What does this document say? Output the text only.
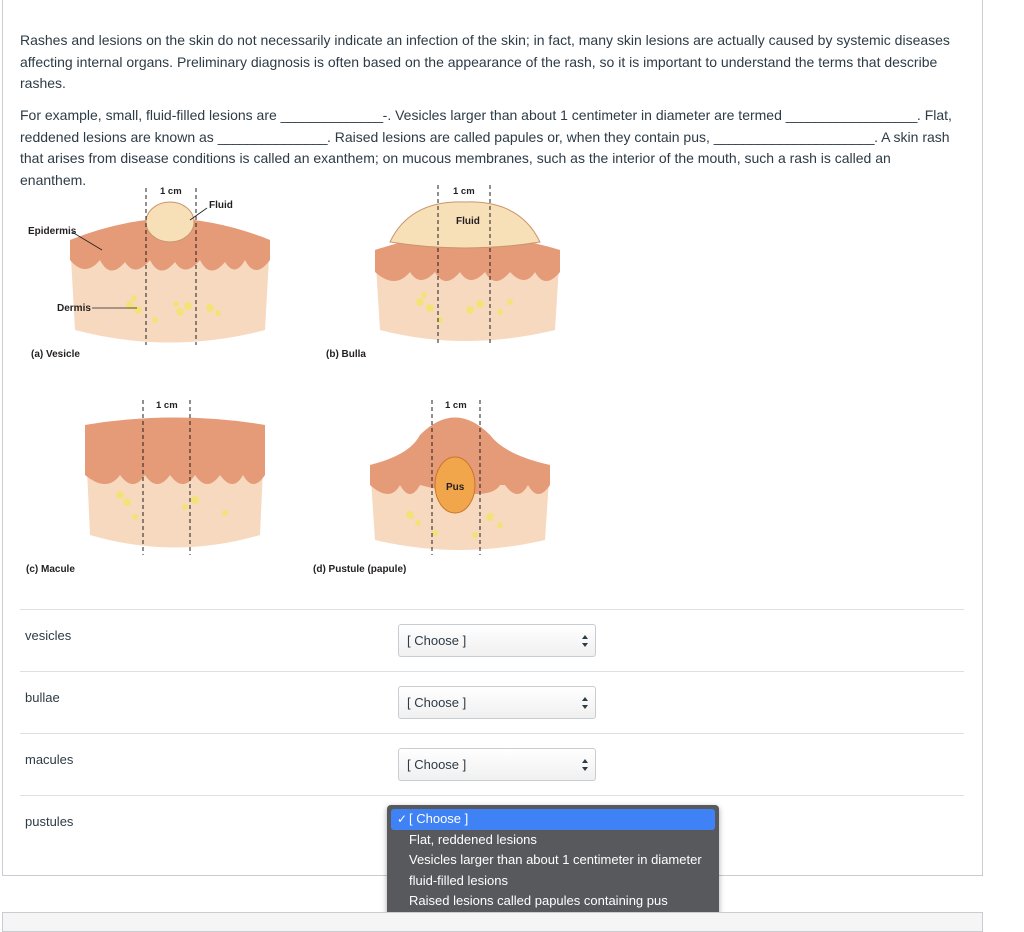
Rashes and lesions on the skin do not necessarily indicate an infection of the skin; in fact, many skin lesions are actually caused by systemic diseases affecting internal organs. Preliminary diagnosis is often based on the appearance of the rash, so it is important to understand the terms that describe rashes.

For example, small, fluid-filled lesions are ______________-. Vesicles larger than about 1 centimeter in diameter are termed __________________. Flat, reddened lesions are known as _______________. Raised lesions are called papules or, when they contain pus, ______________________. A skin rash that arises from disease conditions is called an exanthem; on mucous membranes, such as the interior of the mouth, such a rash is called an enanthem.

1 cm
Fluid
Epidermis
Dermis
(a) Vesicle
1 cm
Fluid
(b) Bulla
1 cm
(c) Macule
1 cm
Pus
(d) Pustule (papule)
vesicles	[ Choose ]
bullae	[ Choose ]
macules	[ Choose ]
pustules	✓ [ Choose ]
Flat, reddened lesions
Vesicles larger than about 1 centimeter in diameter
fluid-filled lesions
Raised lesions called papules containing pus
